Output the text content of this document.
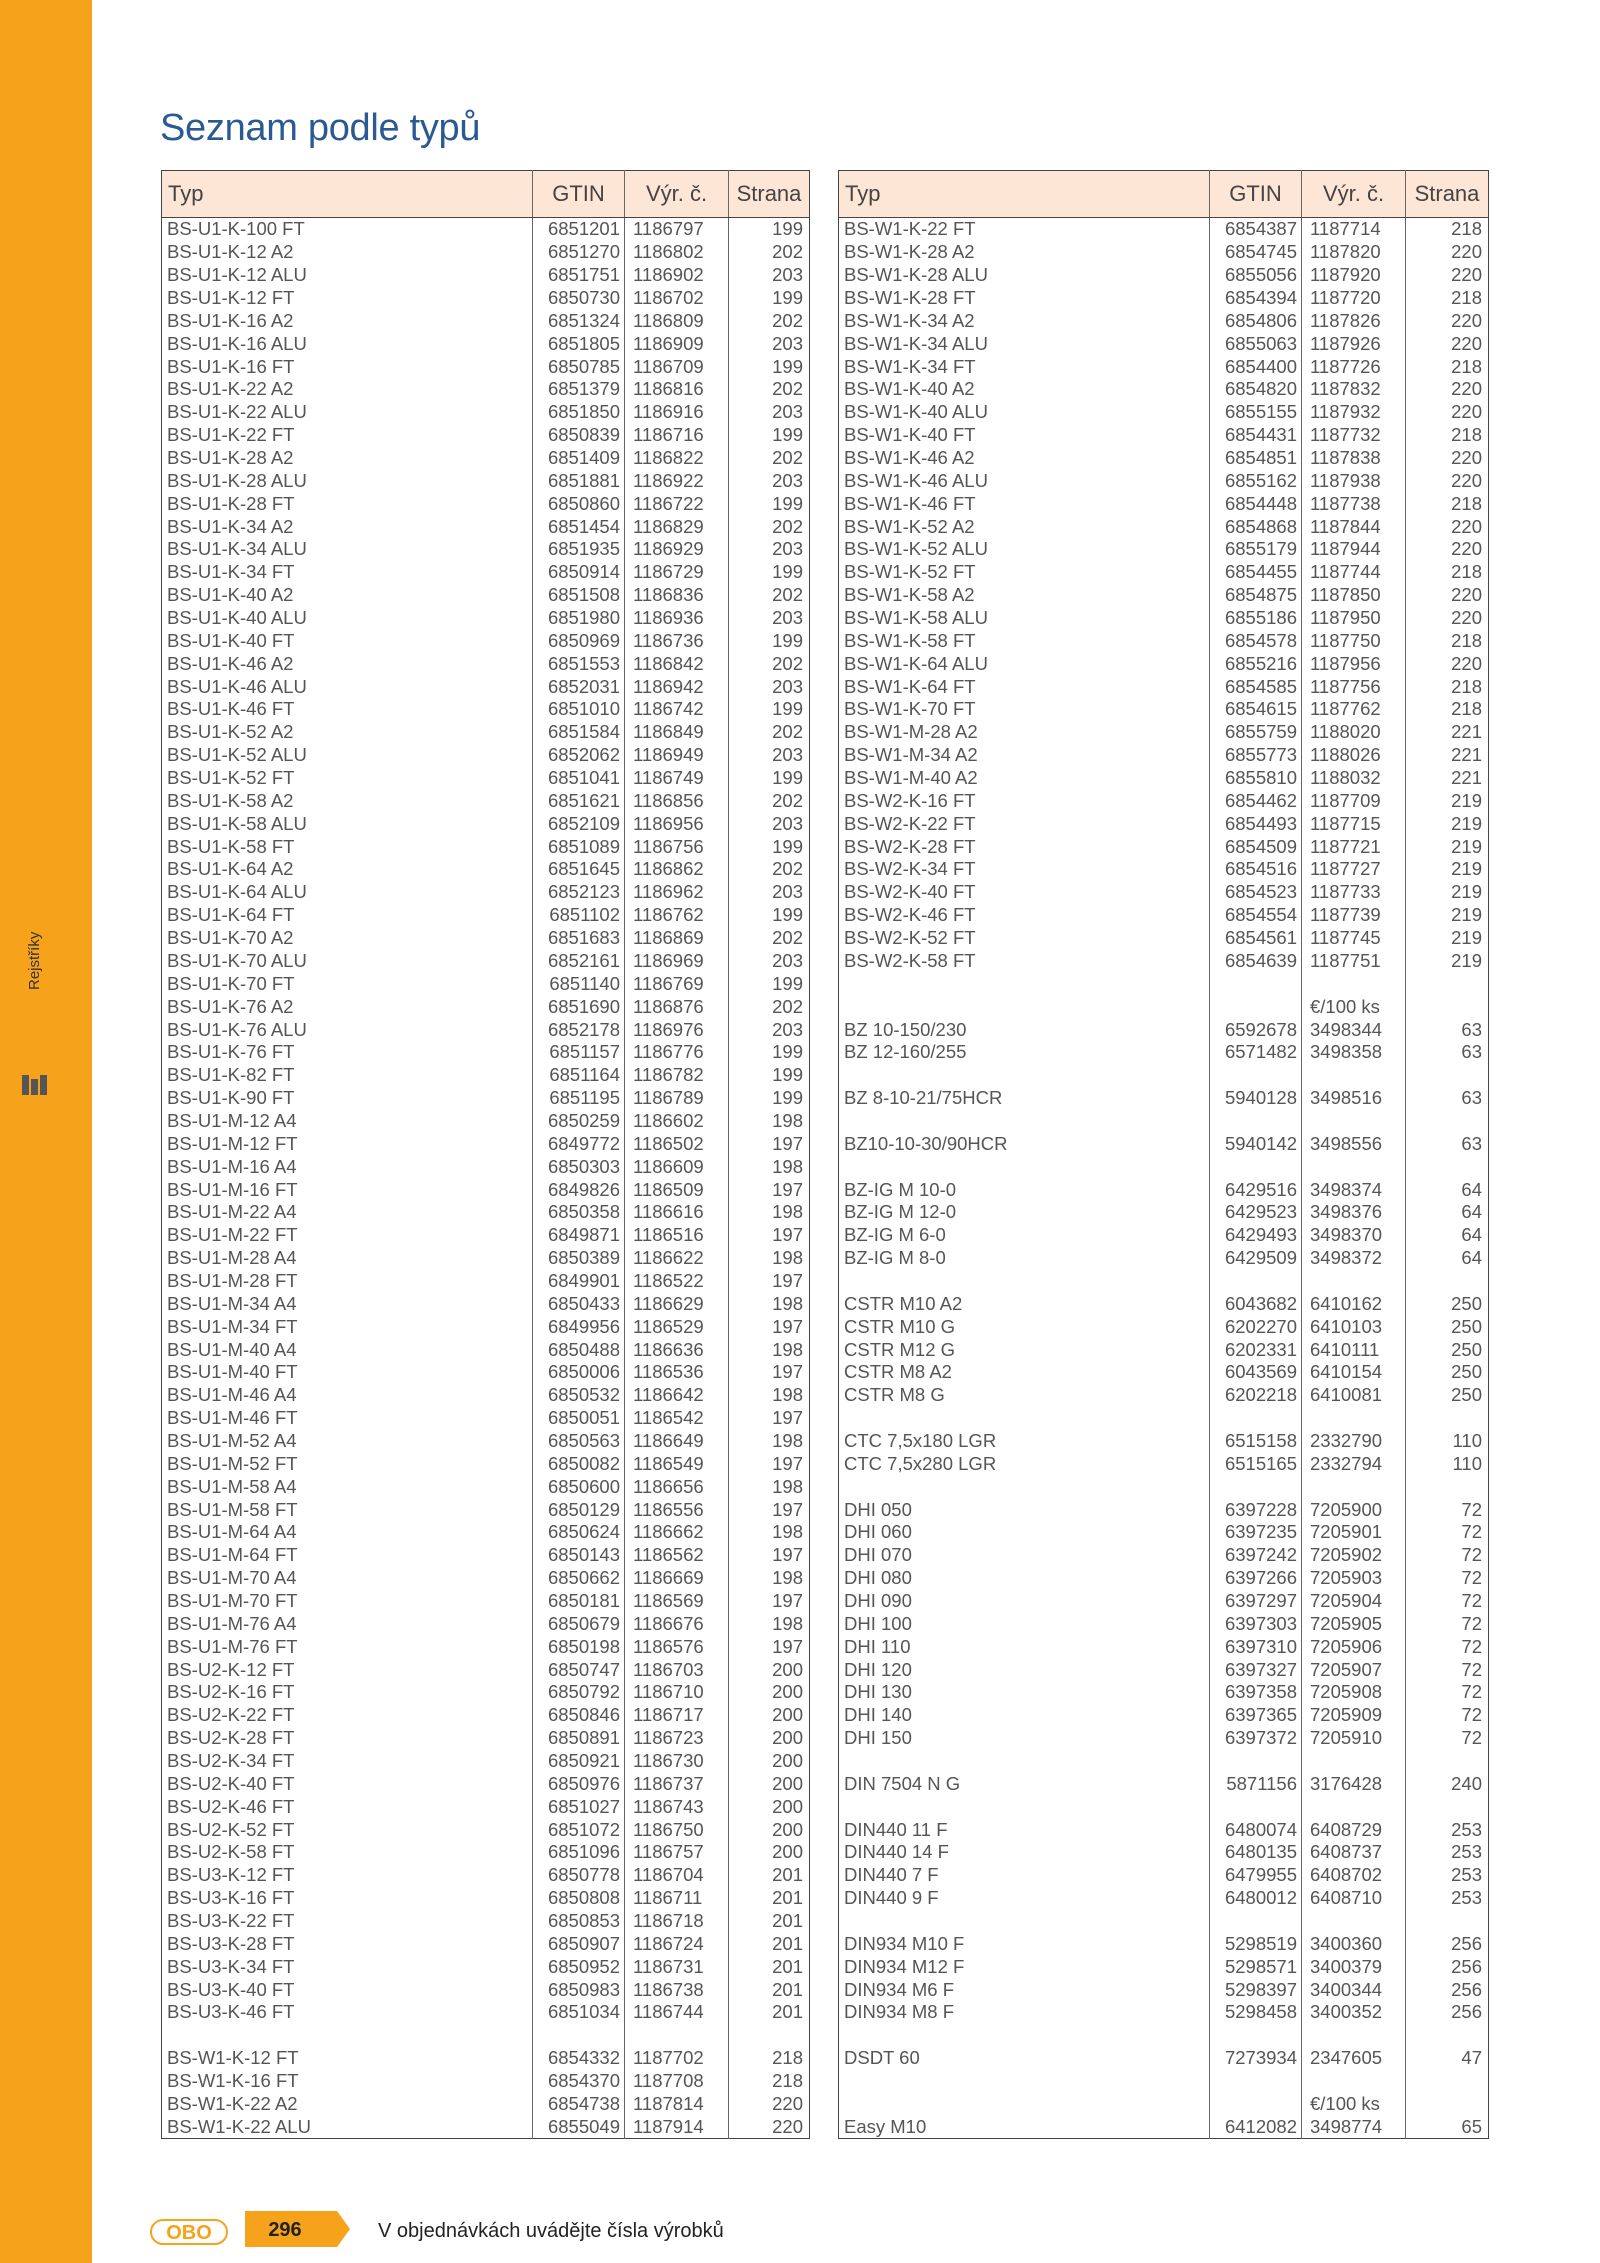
Rejstříky
Seznam podle typů
Typ	GTIN	Výr. č.	Strana
BS-U1-K-100 FT	6851201	1186797	199
BS-U1-K-12 A2	6851270	1186802	202
BS-U1-K-12 ALU	6851751	1186902	203
BS-U1-K-12 FT	6850730	1186702	199
BS-U1-K-16 A2	6851324	1186809	202
BS-U1-K-16 ALU	6851805	1186909	203
BS-U1-K-16 FT	6850785	1186709	199
BS-U1-K-22 A2	6851379	1186816	202
BS-U1-K-22 ALU	6851850	1186916	203
BS-U1-K-22 FT	6850839	1186716	199
BS-U1-K-28 A2	6851409	1186822	202
BS-U1-K-28 ALU	6851881	1186922	203
BS-U1-K-28 FT	6850860	1186722	199
BS-U1-K-34 A2	6851454	1186829	202
BS-U1-K-34 ALU	6851935	1186929	203
BS-U1-K-34 FT	6850914	1186729	199
BS-U1-K-40 A2	6851508	1186836	202
BS-U1-K-40 ALU	6851980	1186936	203
BS-U1-K-40 FT	6850969	1186736	199
BS-U1-K-46 A2	6851553	1186842	202
BS-U1-K-46 ALU	6852031	1186942	203
BS-U1-K-46 FT	6851010	1186742	199
BS-U1-K-52 A2	6851584	1186849	202
BS-U1-K-52 ALU	6852062	1186949	203
BS-U1-K-52 FT	6851041	1186749	199
BS-U1-K-58 A2	6851621	1186856	202
BS-U1-K-58 ALU	6852109	1186956	203
BS-U1-K-58 FT	6851089	1186756	199
BS-U1-K-64 A2	6851645	1186862	202
BS-U1-K-64 ALU	6852123	1186962	203
BS-U1-K-64 FT	6851102	1186762	199
BS-U1-K-70 A2	6851683	1186869	202
BS-U1-K-70 ALU	6852161	1186969	203
BS-U1-K-70 FT	6851140	1186769	199
BS-U1-K-76 A2	6851690	1186876	202
BS-U1-K-76 ALU	6852178	1186976	203
BS-U1-K-76 FT	6851157	1186776	199
BS-U1-K-82 FT	6851164	1186782	199
BS-U1-K-90 FT	6851195	1186789	199
BS-U1-M-12 A4	6850259	1186602	198
BS-U1-M-12 FT	6849772	1186502	197
BS-U1-M-16 A4	6850303	1186609	198
BS-U1-M-16 FT	6849826	1186509	197
BS-U1-M-22 A4	6850358	1186616	198
BS-U1-M-22 FT	6849871	1186516	197
BS-U1-M-28 A4	6850389	1186622	198
BS-U1-M-28 FT	6849901	1186522	197
BS-U1-M-34 A4	6850433	1186629	198
BS-U1-M-34 FT	6849956	1186529	197
BS-U1-M-40 A4	6850488	1186636	198
BS-U1-M-40 FT	6850006	1186536	197
BS-U1-M-46 A4	6850532	1186642	198
BS-U1-M-46 FT	6850051	1186542	197
BS-U1-M-52 A4	6850563	1186649	198
BS-U1-M-52 FT	6850082	1186549	197
BS-U1-M-58 A4	6850600	1186656	198
BS-U1-M-58 FT	6850129	1186556	197
BS-U1-M-64 A4	6850624	1186662	198
BS-U1-M-64 FT	6850143	1186562	197
BS-U1-M-70 A4	6850662	1186669	198
BS-U1-M-70 FT	6850181	1186569	197
BS-U1-M-76 A4	6850679	1186676	198
BS-U1-M-76 FT	6850198	1186576	197
BS-U2-K-12 FT	6850747	1186703	200
BS-U2-K-16 FT	6850792	1186710	200
BS-U2-K-22 FT	6850846	1186717	200
BS-U2-K-28 FT	6850891	1186723	200
BS-U2-K-34 FT	6850921	1186730	200
BS-U2-K-40 FT	6850976	1186737	200
BS-U2-K-46 FT	6851027	1186743	200
BS-U2-K-52 FT	6851072	1186750	200
BS-U2-K-58 FT	6851096	1186757	200
BS-U3-K-12 FT	6850778	1186704	201
BS-U3-K-16 FT	6850808	1186711	201
BS-U3-K-22 FT	6850853	1186718	201
BS-U3-K-28 FT	6850907	1186724	201
BS-U3-K-34 FT	6850952	1186731	201
BS-U3-K-40 FT	6850983	1186738	201
BS-U3-K-46 FT	6851034	1186744	201

BS-W1-K-12 FT	6854332	1187702	218
BS-W1-K-16 FT	6854370	1187708	218
BS-W1-K-22 A2	6854738	1187814	220
BS-W1-K-22 ALU	6855049	1187914	220
Typ	GTIN	Výr. č.	Strana
BS-W1-K-22 FT	6854387	1187714	218
BS-W1-K-28 A2	6854745	1187820	220
BS-W1-K-28 ALU	6855056	1187920	220
BS-W1-K-28 FT	6854394	1187720	218
BS-W1-K-34 A2	6854806	1187826	220
BS-W1-K-34 ALU	6855063	1187926	220
BS-W1-K-34 FT	6854400	1187726	218
BS-W1-K-40 A2	6854820	1187832	220
BS-W1-K-40 ALU	6855155	1187932	220
BS-W1-K-40 FT	6854431	1187732	218
BS-W1-K-46 A2	6854851	1187838	220
BS-W1-K-46 ALU	6855162	1187938	220
BS-W1-K-46 FT	6854448	1187738	218
BS-W1-K-52 A2	6854868	1187844	220
BS-W1-K-52 ALU	6855179	1187944	220
BS-W1-K-52 FT	6854455	1187744	218
BS-W1-K-58 A2	6854875	1187850	220
BS-W1-K-58 ALU	6855186	1187950	220
BS-W1-K-58 FT	6854578	1187750	218
BS-W1-K-64 ALU	6855216	1187956	220
BS-W1-K-64 FT	6854585	1187756	218
BS-W1-K-70 FT	6854615	1187762	218
BS-W1-M-28 A2	6855759	1188020	221
BS-W1-M-34 A2	6855773	1188026	221
BS-W1-M-40 A2	6855810	1188032	221
BS-W2-K-16 FT	6854462	1187709	219
BS-W2-K-22 FT	6854493	1187715	219
BS-W2-K-28 FT	6854509	1187721	219
BS-W2-K-34 FT	6854516	1187727	219
BS-W2-K-40 FT	6854523	1187733	219
BS-W2-K-46 FT	6854554	1187739	219
BS-W2-K-52 FT	6854561	1187745	219
BS-W2-K-58 FT	6854639	1187751	219

		€/100 ks	
BZ 10-150/230	6592678	3498344	63
BZ 12-160/255	6571482	3498358	63

BZ 8-10-21/75HCR	5940128	3498516	63

BZ10-10-30/90HCR	5940142	3498556	63

BZ-IG M 10-0	6429516	3498374	64
BZ-IG M 12-0	6429523	3498376	64
BZ-IG M 6-0	6429493	3498370	64
BZ-IG M 8-0	6429509	3498372	64

CSTR M10 A2	6043682	6410162	250
CSTR M10 G	6202270	6410103	250
CSTR M12 G	6202331	6410111	250
CSTR M8 A2	6043569	6410154	250
CSTR M8 G	6202218	6410081	250

CTC 7,5x180 LGR	6515158	2332790	110
CTC 7,5x280 LGR	6515165	2332794	110

DHI 050	6397228	7205900	72
DHI 060	6397235	7205901	72
DHI 070	6397242	7205902	72
DHI 080	6397266	7205903	72
DHI 090	6397297	7205904	72
DHI 100	6397303	7205905	72
DHI 110	6397310	7205906	72
DHI 120	6397327	7205907	72
DHI 130	6397358	7205908	72
DHI 140	6397365	7205909	72
DHI 150	6397372	7205910	72

DIN 7504 N G	5871156	3176428	240

DIN440 11 F	6480074	6408729	253
DIN440 14 F	6480135	6408737	253
DIN440 7 F	6479955	6408702	253
DIN440 9 F	6480012	6408710	253

DIN934 M10 F	5298519	3400360	256
DIN934 M12 F	5298571	3400379	256
DIN934 M6 F	5298397	3400344	256
DIN934 M8 F	5298458	3400352	256

DSDT 60	7273934	2347605	47

		€/100 ks	
Easy M10	6412082	3498774	65
OBO	296	V objednávkách uvádějte čísla výrobků
